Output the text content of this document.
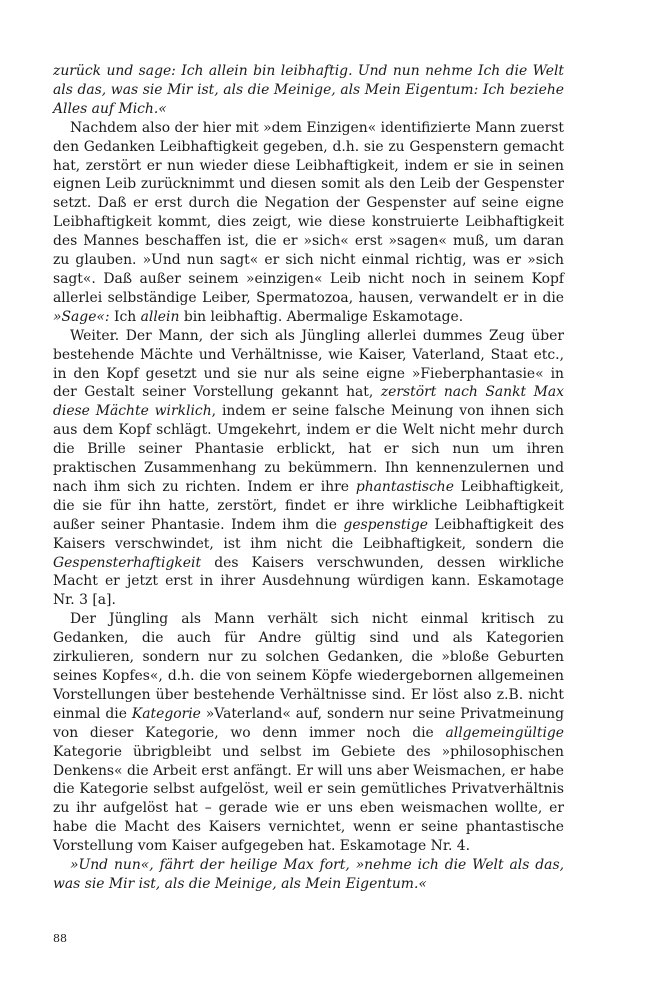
zurück und sage: Ich allein bin leibhaftig. Und nun nehme Ich die Welt als das, was sie Mir ist, als die Meinige, als Mein Eigentum: Ich beziehe Alles auf Mich.«

Nachdem also der hier mit »dem Einzigen« identifizierte Mann zuerst den Gedanken Leibhaftigkeit gegeben, d.h. sie zu Gespenstern gemacht hat, zerstört er nun wieder diese Leibhaftigkeit, indem er sie in seinen eignen Leib zurücknimmt und diesen somit als den Leib der Gespenster setzt. Daß er erst durch die Negation der Gespenster auf seine eigne Leibhaftigkeit kommt, dies zeigt, wie diese konstruierte Leibhaftigkeit des Mannes beschaffen ist, die er »sich« erst »sagen« muß, um daran zu glauben. »Und nun sagt« er sich nicht einmal richtig, was er »sich sagt«. Daß außer seinem »einzigen« Leib nicht noch in seinem Kopf allerlei selbständige Leiber, Spermatozoa, hausen, verwandelt er in die »Sage«: Ich allein bin leibhaftig. Abermalige Eskamotage.

Weiter. Der Mann, der sich als Jüngling allerlei dummes Zeug über bestehende Mächte und Verhältnisse, wie Kaiser, Vaterland, Staat etc., in den Kopf gesetzt und sie nur als seine eigne »Fieberphantasie« in der Gestalt seiner Vorstellung gekannt hat, zerstört nach Sankt Max diese Mächte wirklich, indem er seine falsche Meinung von ihnen sich aus dem Kopf schlägt. Umgekehrt, indem er die Welt nicht mehr durch die Brille seiner Phantasie erblickt, hat er sich nun um ihren praktischen Zusammenhang zu bekümmern. Ihn kennenzulernen und nach ihm sich zu richten. Indem er ihre phantastische Leibhaftigkeit, die sie für ihn hatte, zerstört, findet er ihre wirkliche Leibhaftigkeit außer seiner Phantasie. Indem ihm die gespenstige Leibhaftigkeit des Kaisers verschwindet, ist ihm nicht die Leibhaftigkeit, sondern die Gespensterhaftigkeit des Kaisers verschwunden, dessen wirkliche Macht er jetzt erst in ihrer Ausdehnung würdigen kann. Eskamotage Nr. 3 [a].

Der Jüngling als Mann verhält sich nicht einmal kritisch zu Gedanken, die auch für Andre gültig sind und als Kategorien zirkulieren, sondern nur zu solchen Gedanken, die »bloße Geburten seines Kopfes«, d.h. die von seinem Köpfe wiedergebornen allgemeinen Vorstellungen über bestehende Verhältnisse sind. Er löst also z.B. nicht einmal die Kategorie »Vaterland« auf, sondern nur seine Privatmeinung von dieser Kategorie, wo denn immer noch die allgemeingültige Kategorie übrigbleibt und selbst im Gebiete des »philosophischen Denkens« die Arbeit erst anfängt. Er will uns aber Weismachen, er habe die Kategorie selbst aufgelöst, weil er sein gemütliches Privatverhältnis zu ihr aufgelöst hat – gerade wie er uns eben weismachen wollte, er habe die Macht des Kaisers vernichtet, wenn er seine phantastische Vorstellung vom Kaiser aufgegeben hat. Eskamotage Nr. 4.

»Und nun«, fährt der heilige Max fort, »nehme ich die Welt als das, was sie Mir ist, als die Meinige, als Mein Eigentum.«

88
